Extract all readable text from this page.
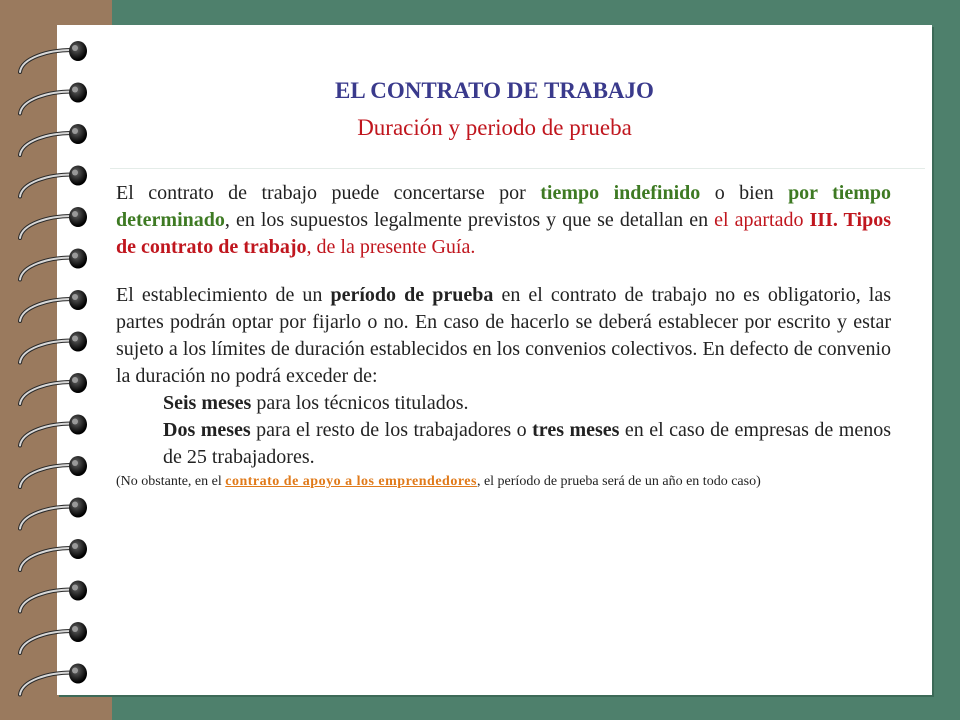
EL CONTRATO DE TRABAJO
Duración y periodo de prueba

El contrato de trabajo puede concertarse por tiempo indefinido o bien por tiempo determinado, en los supuestos legalmente previstos y que se detallan en el apartado III. Tipos de contrato de trabajo, de la presente Guía.

El establecimiento de un período de prueba en el contrato de trabajo no es obligatorio, las partes podrán optar por fijarlo o no. En caso de hacerlo se deberá establecer por escrito y estar sujeto a los límites de duración establecidos en los convenios colectivos. En defecto de convenio la duración no podrá exceder de:

Seis meses para los técnicos titulados.

Dos meses para el resto de los trabajadores o tres meses en el caso de empresas de menos de 25 trabajadores.

(No obstante, en el contrato de apoyo a los emprendedores, el período de prueba será de un año en todo caso)
